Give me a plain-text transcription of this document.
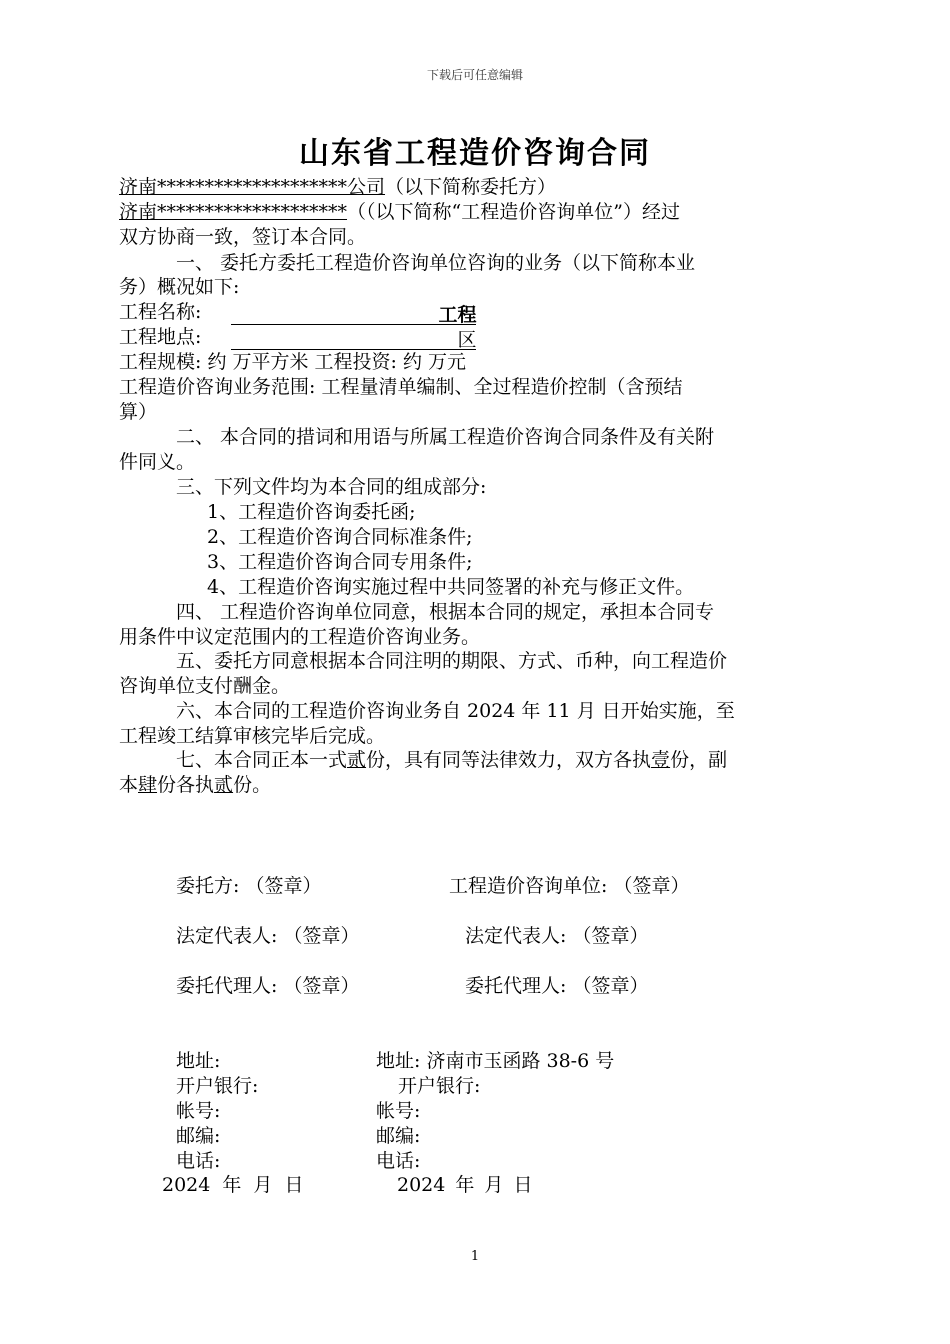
下载后可任意编辑
山东省工程造价咨询合同
济南********************公司（以下简称委托方）
济南********************（（以下简称“工程造价咨询单位”）经过
双方协商一致，签订本合同。
一、 委托方委托工程造价咨询单位咨询的业务（以下简称本业
务）概况如下:
工程名称:	工程
工程地点:	区
工程规模: 约 万平方米 工程投资: 约 万元
工程造价咨询业务范围: 工程量清单编制、全过程造价控制（含预结
算）
二、 本合同的措词和用语与所属工程造价咨询合同条件及有关附
件同义。
三、下列文件均为本合同的组成部分:
1、工程造价咨询委托函;
2、工程造价咨询合同标准条件;
3、工程造价咨询合同专用条件;
4、工程造价咨询实施过程中共同签署的补充与修正文件。
四、 工程造价咨询单位同意，根据本合同的规定，承担本合同专
用条件中议定范围内的工程造价咨询业务。
五、委托方同意根据本合同注明的期限、方式、币种，向工程造价
咨询单位支付酬金。
六、本合同的工程造价咨询业务自 2024 年 11 月 日开始实施，至
工程竣工结算审核完毕后完成。
七、本合同正本一式贰份，具有同等法律效力，双方各执壹份，副
本肆份各执贰份。
委托方: （签章）	工程造价咨询单位: （签章）
法定代表人: （签章）	法定代表人: （签章）
委托代理人: （签章）	委托代理人: （签章）
地址:	地址: 济南市玉函路 38-6 号
开户银行:	开户银行:
帐号:	帐号:
邮编:	邮编:
电话:	电话:
2024 年 月 日	2024 年 月 日
1
